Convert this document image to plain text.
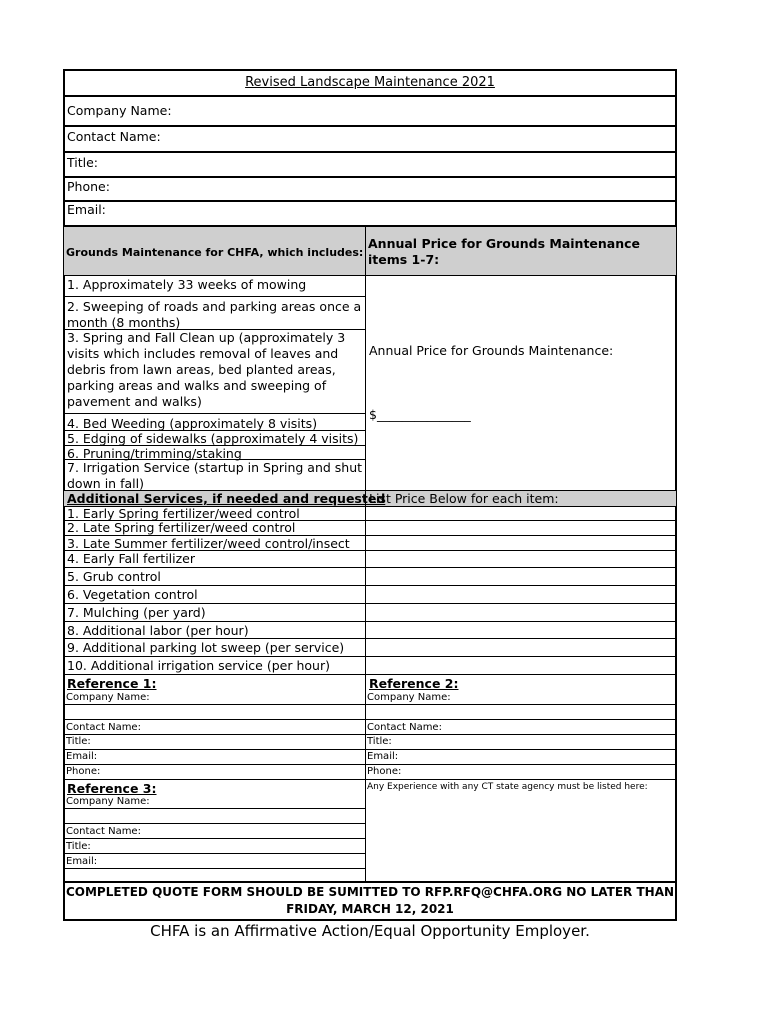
Revised Landscape Maintenance 2021
Company Name:
Contact Name:
Title:
Phone:
Email:
Grounds Maintenance for CHFA, which includes:
Annual Price for Grounds Maintenance items 1-7:
1. Approximately 33 weeks of mowing
2. Sweeping of roads and parking areas once a month (8 months)
3. Spring and Fall Clean up (approximately 3 visits which includes removal of leaves and debris from lawn areas, bed planted areas, parking areas and walks and sweeping of pavement and walks)
4. Bed Weeding (approximately 8 visits)
5. Edging of sidewalks (approximately 4 visits)
6. Pruning/trimming/staking
7. Irrigation Service (startup in Spring and shut down in fall)
Annual Price for Grounds Maintenance:
$_______________
Additional Services, if needed and requested
List Price Below for each item:
1. Early Spring fertilizer/weed control
2. Late Spring fertilizer/weed control
3. Late Summer fertilizer/weed control/insect
4. Early Fall fertilizer
5. Grub control
6. Vegetation control
7. Mulching (per yard)
8. Additional labor (per hour)
9. Additional parking lot sweep (per service)
10. Additional irrigation service (per hour)
Reference 1:
Company Name:
Contact Name:
Title:
Email:
Phone:
Reference 2:
Company Name:
Contact Name:
Title:
Email:
Phone:
Reference 3:
Company Name:
Contact Name:
Title:
Email:
Any Experience with any CT state agency must be listed here:
COMPLETED QUOTE FORM SHOULD BE SUMITTED TO RFP.RFQ@CHFA.ORG NO LATER THAN
FRIDAY, MARCH 12, 2021
CHFA is an Affirmative Action/Equal Opportunity Employer.
